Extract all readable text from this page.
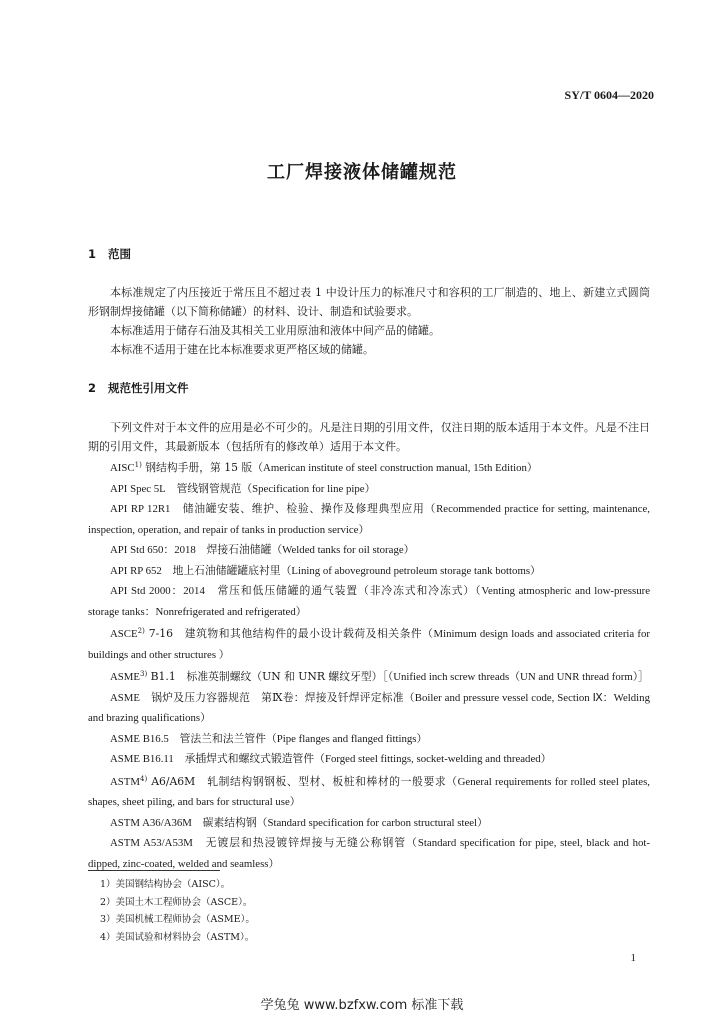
SY/T 0604—2020
工厂焊接液体储罐规范
1 范围
本标准规定了内压接近于常压且不超过表 1 中设计压力的标准尺寸和容积的工厂制造的、地上、新建立式圆筒形钢制焊接储罐（以下简称储罐）的材料、设计、制造和试验要求。
本标准适用于储存石油及其相关工业用原油和液体中间产品的储罐。
本标准不适用于建在比本标准要求更严格区域的储罐。
2 规范性引用文件
下列文件对于本文件的应用是必不可少的。凡是注日期的引用文件，仅注日期的版本适用于本文件。凡是不注日期的引用文件，其最新版本（包括所有的修改单）适用于本文件。

AISC$^{1)}$ 钢结构手册，第 15 版（American institute of steel construction manual, 15th Edition）

API Spec 5L　管线钢管规范（Specification for line pipe）

API RP 12R1　储油罐安装、维护、检验、操作及修理典型应用（Recommended practice for setting, maintenance, inspection, operation, and repair of tanks in production service）

API Std 650：2018　焊接石油储罐（Welded tanks for oil storage）

API RP 652　地上石油储罐罐底衬里（Lining of aboveground petroleum storage tank bottoms）

API Std 2000：2014　常压和低压储罐的通气装置（非冷冻式和冷冻式）（Venting atmospheric and low-pressure storage tanks：Nonrefrigerated and refrigerated）

ASCE$^{2)}$ 7-16　建筑物和其他结构件的最小设计载荷及相关条件（Minimum design loads and associated criteria for buildings and other structures ）

ASME$^{3)}$ B1.1　标准英制螺纹（UN 和 UNR 螺纹牙型）［（Unified inch screw threads（UN and UNR thread form）］

ASME　锅炉及压力容器规范　第Ⅸ卷：焊接及钎焊评定标准（Boiler and pressure vessel code, Section Ⅸ：Welding and brazing qualifications）

ASME B16.5　管法兰和法兰管件（Pipe flanges and flanged fittings）

ASME B16.11　承插焊式和螺纹式锻造管件（Forged steel fittings, socket-welding and threaded）

ASTM$^{4)}$ A6/A6M　轧制结构钢钢板、型材、板桩和棒材的一般要求（General requirements for rolled steel plates, shapes, sheet piling, and bars for structural use）

ASTM A36/A36M　碳素结构钢（Standard specification for carbon structural steel）

ASTM A53/A53M　无镀层和热浸镀锌焊接与无缝公称钢管（Standard specification for pipe, steel, black and hot-dipped, zinc-coated, welded and seamless）

1）美国钢结构协会（AISC）。

2）美国土木工程师协会（ASCE）。

3）美国机械工程师协会（ASME）。

4）美国试验和材料协会（ASTM）。

1
学兔兔 www.bzfxw.com 标准下载
